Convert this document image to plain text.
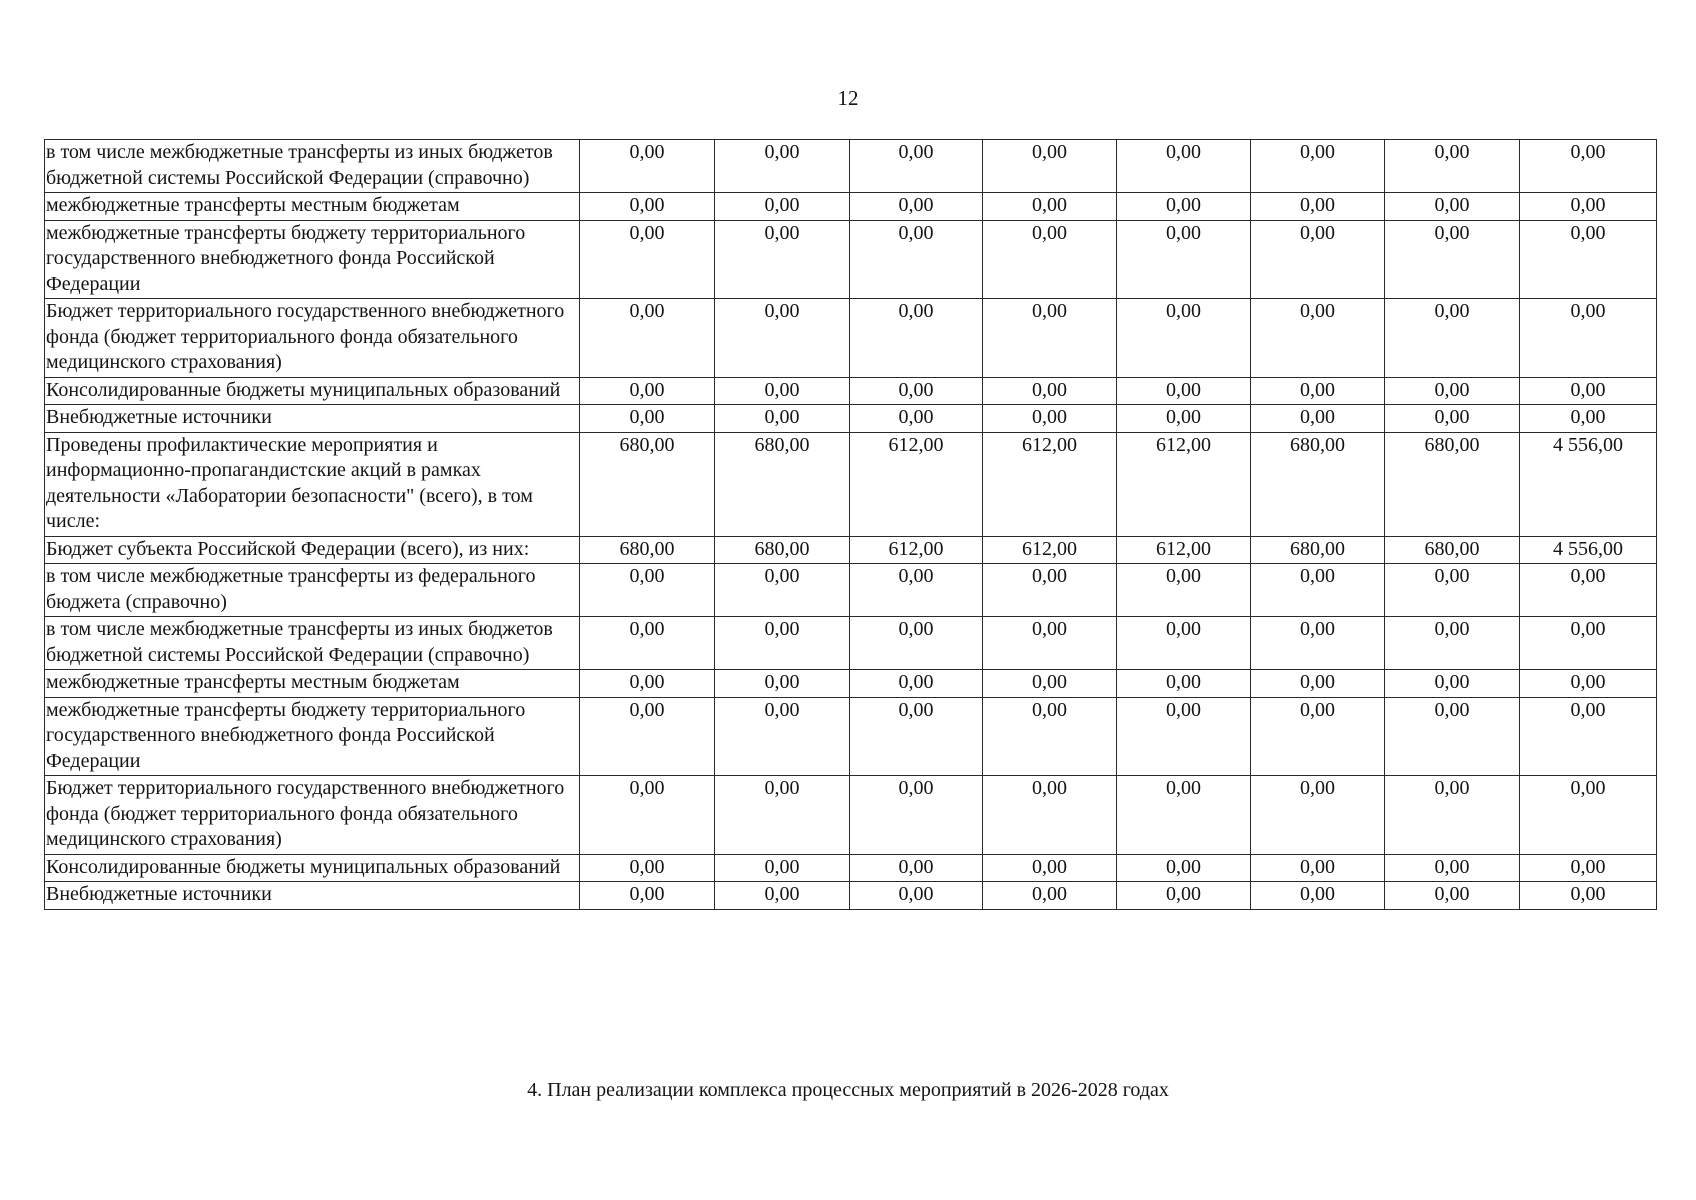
12
в том числе межбюджетные трансферты из иных бюджетов бюджетной системы Российской Федерации (справочно)	0,00	0,00	0,00	0,00	0,00	0,00	0,00	0,00
межбюджетные трансферты местным бюджетам	0,00	0,00	0,00	0,00	0,00	0,00	0,00	0,00
межбюджетные трансферты бюджету территориального государственного внебюджетного фонда Российской Федерации	0,00	0,00	0,00	0,00	0,00	0,00	0,00	0,00
Бюджет территориального государственного внебюджетного фонда (бюджет территориального фонда обязательного медицинского страхования)	0,00	0,00	0,00	0,00	0,00	0,00	0,00	0,00
Консолидированные бюджеты муниципальных образований	0,00	0,00	0,00	0,00	0,00	0,00	0,00	0,00
Внебюджетные источники	0,00	0,00	0,00	0,00	0,00	0,00	0,00	0,00
Проведены профилактические мероприятия и информационно-пропагандистские акций в рамках деятельности «Лаборатории безопасности" (всего), в том числе:	680,00	680,00	612,00	612,00	612,00	680,00	680,00	4 556,00
Бюджет субъекта Российской Федерации (всего), из них:	680,00	680,00	612,00	612,00	612,00	680,00	680,00	4 556,00
в том числе межбюджетные трансферты из федерального бюджета (справочно)	0,00	0,00	0,00	0,00	0,00	0,00	0,00	0,00
в том числе межбюджетные трансферты из иных бюджетов бюджетной системы Российской Федерации (справочно)	0,00	0,00	0,00	0,00	0,00	0,00	0,00	0,00
межбюджетные трансферты местным бюджетам	0,00	0,00	0,00	0,00	0,00	0,00	0,00	0,00
межбюджетные трансферты бюджету территориального государственного внебюджетного фонда Российской Федерации	0,00	0,00	0,00	0,00	0,00	0,00	0,00	0,00
Бюджет территориального государственного внебюджетного фонда (бюджет территориального фонда обязательного медицинского страхования)	0,00	0,00	0,00	0,00	0,00	0,00	0,00	0,00
Консолидированные бюджеты муниципальных образований	0,00	0,00	0,00	0,00	0,00	0,00	0,00	0,00
Внебюджетные источники	0,00	0,00	0,00	0,00	0,00	0,00	0,00	0,00
4. План реализации комплекса процессных мероприятий в 2026-2028 годах
